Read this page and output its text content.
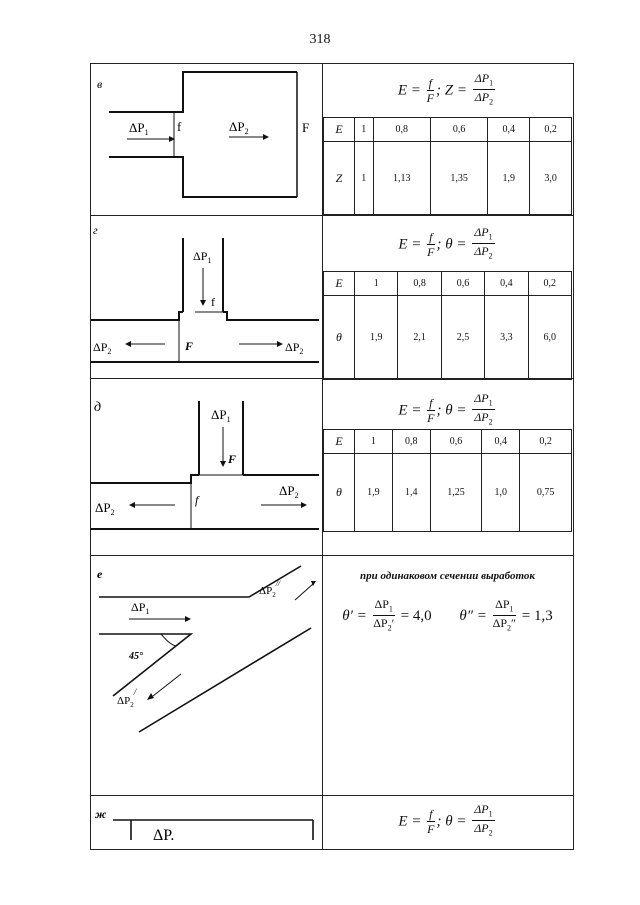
318
в
$\Delta P_1$ f	$\Delta P_2$	F
$E = \frac{f}{F}$ ; $Z = \frac{\Delta P_1}{\Delta P_2}$
E	1	0,8	0,6	0,4	0,2
Z	1	1,13	1,35	1,9	3,0
г
$\Delta P_1$
f
$\Delta P_2$	F	$\Delta P_2$
$E = \frac{f}{F}$ ; $\theta = \frac{\Delta P_1}{\Delta P_2}$
E	1	0,8	0,6	0,4	0,2
θ	1,9	2,1	2,5	3,3	6,0
д	$\Delta P_1$
F
f
$\Delta P_2$
$\Delta P_2$
$E = \frac{f}{F}$ ; $\theta = \frac{\Delta P_1}{\Delta P_2}$
E	1	0,8	0,6	0,4	0,2
θ	1,9	1,4	1,25	1,0	0,75
е
$\Delta P_1$
45°
$\Delta P_2^{//}$
$\Delta P_2^/$
при одинаковом сечении выработок
$\theta' = \frac{\Delta P_1}{\Delta P_2'} = 4,0$ $\theta'' = \frac{\Delta P_1}{\Delta P_2''} = 1,3$
ж
ΔP.
$E = \frac{f}{F}$ ; $\theta = \frac{\Delta P_1}{\Delta P_2}$
